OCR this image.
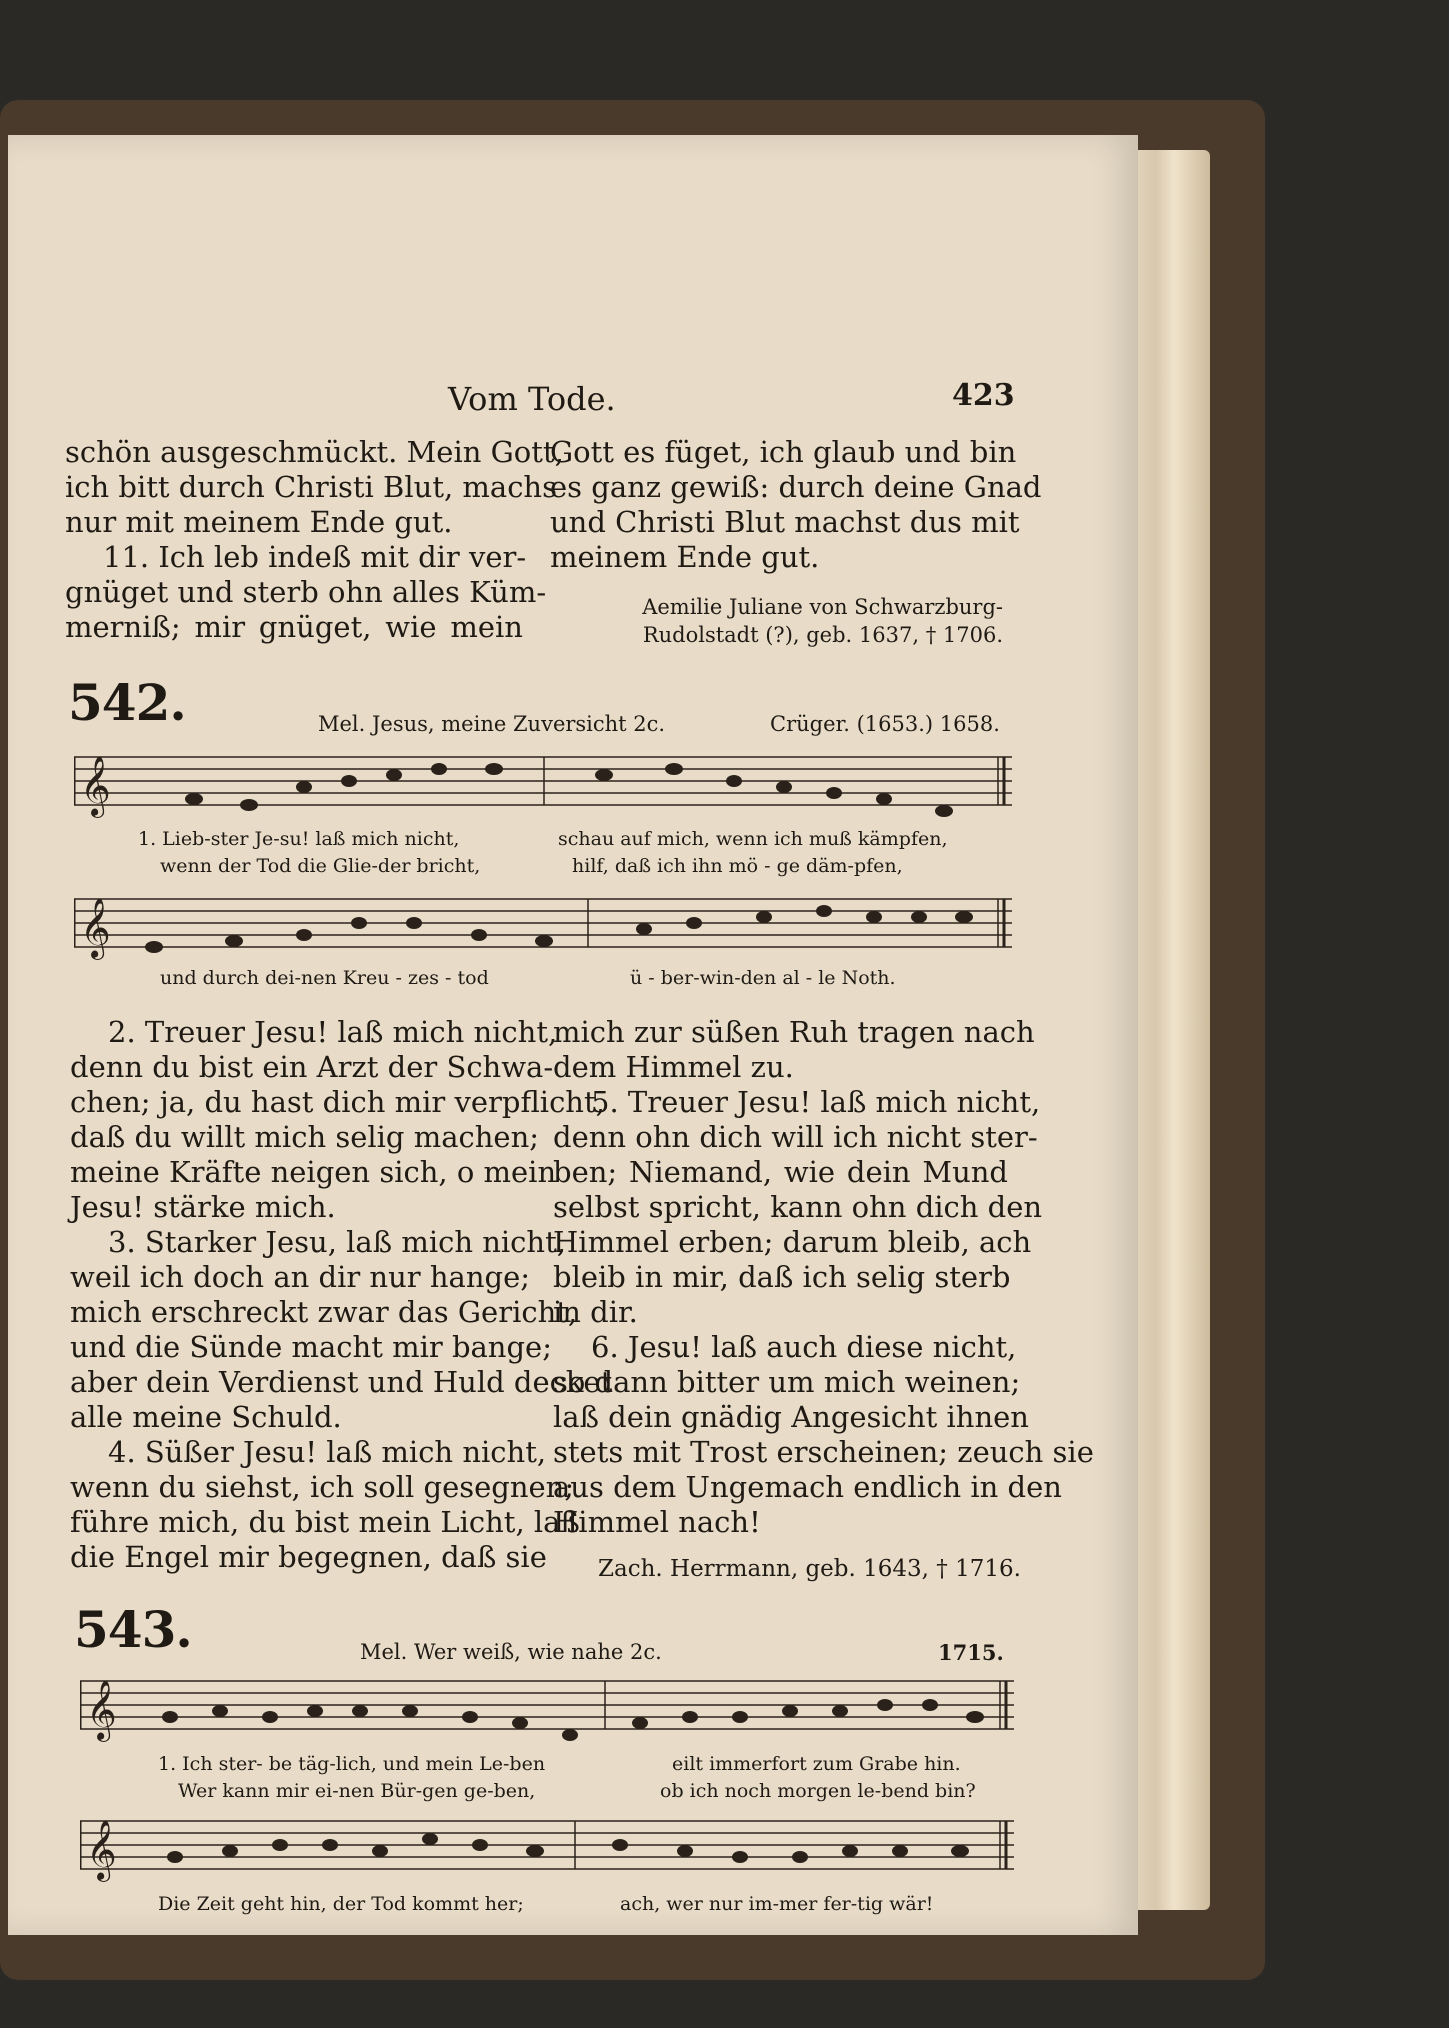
Vom Tode.	423
schön ausgeschmückt. Mein Gott,
ich bitt durch Christi Blut, machs
nur mit meinem Ende gut.
11. Ich leb indeß mit dir ver-
gnüget und sterb ohn alles Küm-
merniß; mir gnüget, wie mein
Gott es füget, ich glaub und bin
es ganz gewiß: durch deine Gnad
und Christi Blut machst dus mit
meinem Ende gut.
Aemilie Juliane von Schwarzburg-
Rudolstadt (?), geb. 1637, † 1706.
542.	Mel. Jesus, meine Zuversicht 2c.	Crüger. (1653.) 1658.
𝄞
1. Lieb-ster Je-su! laß mich nicht,	schau auf mich, wenn ich muß kämpfen,
wenn der Tod die Glie-der bricht,	hilf, daß ich ihn mö - ge däm-pfen,
𝄞
und durch dei-nen Kreu - zes - tod	ü - ber-win-den al - le Noth.
2. Treuer Jesu! laß mich nicht,
denn du bist ein Arzt der Schwa-
chen; ja, du hast dich mir verpflicht,
daß du willt mich selig machen;
meine Kräfte neigen sich, o mein
Jesu! stärke mich.
3. Starker Jesu, laß mich nicht,
weil ich doch an dir nur hange;
mich erschreckt zwar das Gericht,
und die Sünde macht mir bange;
aber dein Verdienst und Huld decket
alle meine Schuld.
4. Süßer Jesu! laß mich nicht,
wenn du siehst, ich soll gesegnen;
führe mich, du bist mein Licht, laß
die Engel mir begegnen, daß sie
mich zur süßen Ruh tragen nach
dem Himmel zu.
5. Treuer Jesu! laß mich nicht,
denn ohn dich will ich nicht ster-
ben; Niemand, wie dein Mund
selbst spricht, kann ohn dich den
Himmel erben; darum bleib, ach
bleib in mir, daß ich selig sterb
in dir.
6. Jesu! laß auch diese nicht,
so dann bitter um mich weinen;
laß dein gnädig Angesicht ihnen
stets mit Trost erscheinen; zeuch sie
aus dem Ungemach endlich in den
Himmel nach!
Zach. Herrmann, geb. 1643, † 1716.
543.	Mel. Wer weiß, wie nahe 2c.	1715.
𝄞
1. Ich ster- be täg-lich, und mein Le-ben	eilt immerfort zum Grabe hin.
Wer kann mir ei-nen Bür-gen ge-ben,	ob ich noch morgen le-bend bin?
𝄞
Die Zeit geht hin, der Tod kommt her;	ach, wer nur im-mer fer-tig wär!
